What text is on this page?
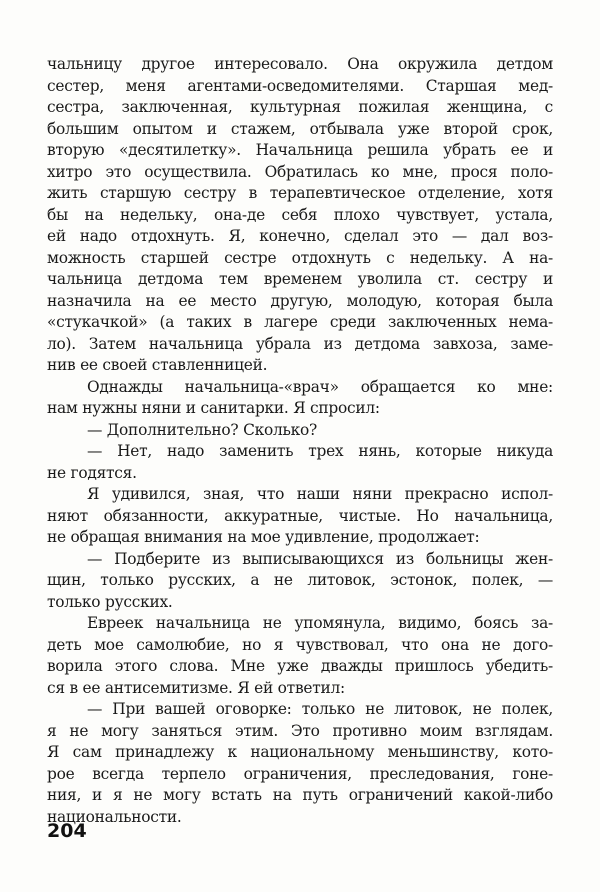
чальницу другое интересовало. Она окружила детдом
сестер, меня агентами-осведомителями. Старшая мед-
сестра, заключенная, культурная пожилая женщина, с
большим опытом и стажем, отбывала уже второй срок,
вторую «десятилетку». Начальница решила убрать ее и
хитро это осуществила. Обратилась ко мне, прося поло-
жить старшую сестру в терапевтическое отделение, хотя
бы на недельку, она-де себя плохо чувствует, устала,
ей надо отдохнуть. Я, конечно, сделал это — дал воз-
можность старшей сестре отдохнуть с недельку. А на-
чальница детдома тем временем уволила ст. сестру и
назначила на ее место другую, молодую, которая была
«стукачкой» (а таких в лагере среди заключенных нема-
ло). Затем начальница убрала из детдома завхоза, заме-
нив ее своей ставленницей.
Однажды начальница-«врач» обращается ко мне:
нам нужны няни и санитарки. Я спросил:
— Дополнительно? Сколько?
— Нет, надо заменить трех нянь, которые никуда
не годятся.
Я удивился, зная, что наши няни прекрасно испол-
няют обязанности, аккуратные, чистые. Но начальница,
не обращая внимания на мое удивление, продолжает:
— Подберите из выписывающихся из больницы жен-
щин, только русских, а не литовок, эстонок, полек, —
только русских.
Евреек начальница не упомянула, видимо, боясь за-
деть мое самолюбие, но я чувствовал, что она не дого-
ворила этого слова. Мне уже дважды пришлось убедить-
ся в ее антисемитизме. Я ей ответил:
— При вашей оговорке: только не литовок, не полек,
я не могу заняться этим. Это противно моим взглядам.
Я сам принадлежу к национальному меньшинству, кото-
рое всегда терпело ограничения, преследования, гоне-
ния, и я не могу встать на путь ограничений какой-либо
национальности.
204
